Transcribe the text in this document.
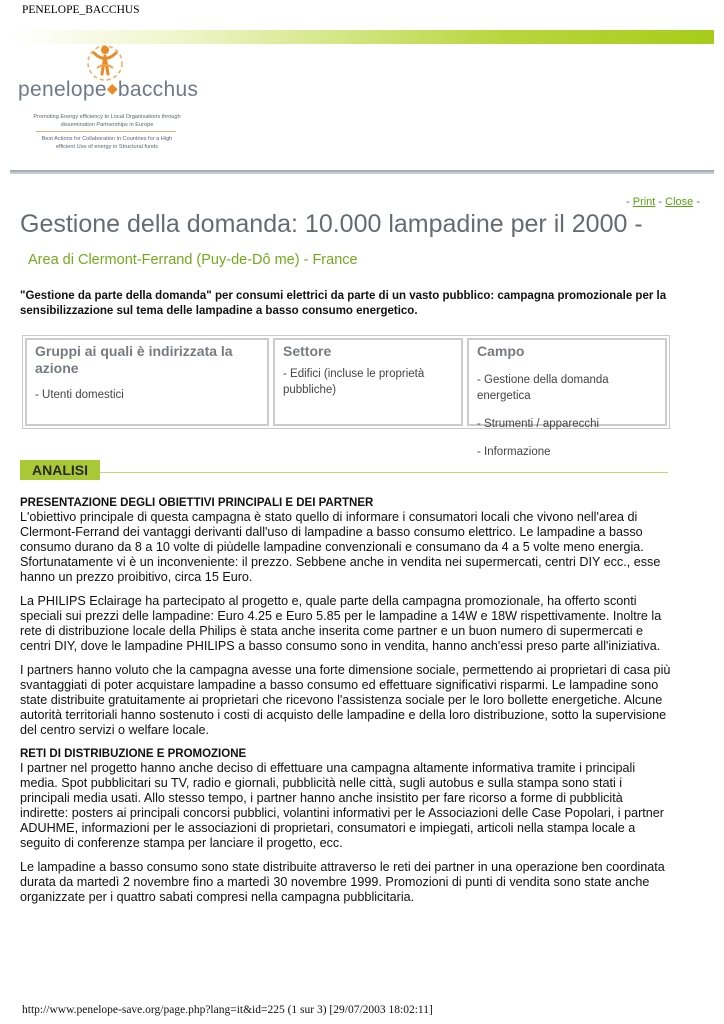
PENELOPE_BACCHUS
penelope◆bacchus
Promoting Energy efficiency to Local Organisations through dissemination Partnerships in Europe
Best Actions for Collaboration in Countries for a High efficient Use of energy in Structural funds
- Print - Close -
Gestione della domanda: 10.000 lampadine per il 2000 -
Area di Clermont-Ferrand (Puy-de-Dô me) - France
"Gestione da parte della domanda" per consumi elettrici da parte di un vasto pubblico: campagna promozionale per la sensibilizzazione sul tema delle lampadine a basso consumo energetico.
Gruppi ai quali è indirizzata la azione
- Utenti domestici
Settore
- Edifici (incluse le proprietà pubbliche)
Campo
- Gestione della domanda energetica
- Strumenti / apparecchi
- Informazione
ANALISI
PRESENTAZIONE DEGLI OBIETTIVI PRINCIPALI E DEI PARTNER

L'obiettivo principale di questa campagna è stato quello di informare i consumatori locali che vivono nell'area di Clermont-Ferrand dei vantaggi derivanti dall'uso di lampadine a basso consumo elettrico. Le lampadine a basso consumo durano da 8 a 10 volte di piùdelle lampadine convenzionali e consumano da 4 a 5 volte meno energia. Sfortunatamente vi è un inconveniente: il prezzo. Sebbene anche in vendita nei supermercati, centri DIY ecc., esse hanno un prezzo proibitivo, circa 15 Euro.

La PHILIPS Eclairage ha partecipato al progetto e, quale parte della campagna promozionale, ha offerto sconti speciali sui prezzi delle lampadine: Euro 4.25 e Euro 5.85 per le lampadine a 14W e 18W rispettivamente. Inoltre la rete di distribuzione locale della Philips è stata anche inserita come partner e un buon numero di supermercati e centri DIY, dove le lampadine PHILIPS a basso consumo sono in vendita, hanno anch'essi preso parte all'iniziativa.

I partners hanno voluto che la campagna avesse una forte dimensione sociale, permettendo ai proprietari di casa più svantaggiati di poter acquistare lampadine a basso consumo ed effettuare significativi risparmi. Le lampadine sono state distribuite gratuitamente ai proprietari che ricevono l'assistenza sociale per le loro bollette energetiche. Alcune autorità territoriali hanno sostenuto i costi di acquisto delle lampadine e della loro distribuzione, sotto la supervisione del centro servizi o welfare locale.

RETI DI DISTRIBUZIONE E PROMOZIONE

I partner nel progetto hanno anche deciso di effettuare una campagna altamente informativa tramite i principali media. Spot pubblicitari su TV, radio e giornali, pubblicità nelle città, sugli autobus e sulla stampa sono stati i principali media usati. Allo stesso tempo, i partner hanno anche insistito per fare ricorso a forme di pubblicità indirette: posters ai principali concorsi pubblici, volantini informativi per le Associazioni delle Case Popolari, i partner ADUHME, informazioni per le associazioni di proprietari, consumatori e impiegati, articoli nella stampa locale a seguito di conferenze stampa per lanciare il progetto, ecc.

Le lampadine a basso consumo sono state distribuite attraverso le reti dei partner in una operazione ben coordinata durata da martedì 2 novembre fino a martedì 30 novembre 1999. Promozioni di punti di vendita sono state anche organizzate per i quattro sabati compresi nella campagna pubblicitaria.

http://www.penelope-save.org/page.php?lang=it&id=225 (1 sur 3) [29/07/2003 18:02:11]
